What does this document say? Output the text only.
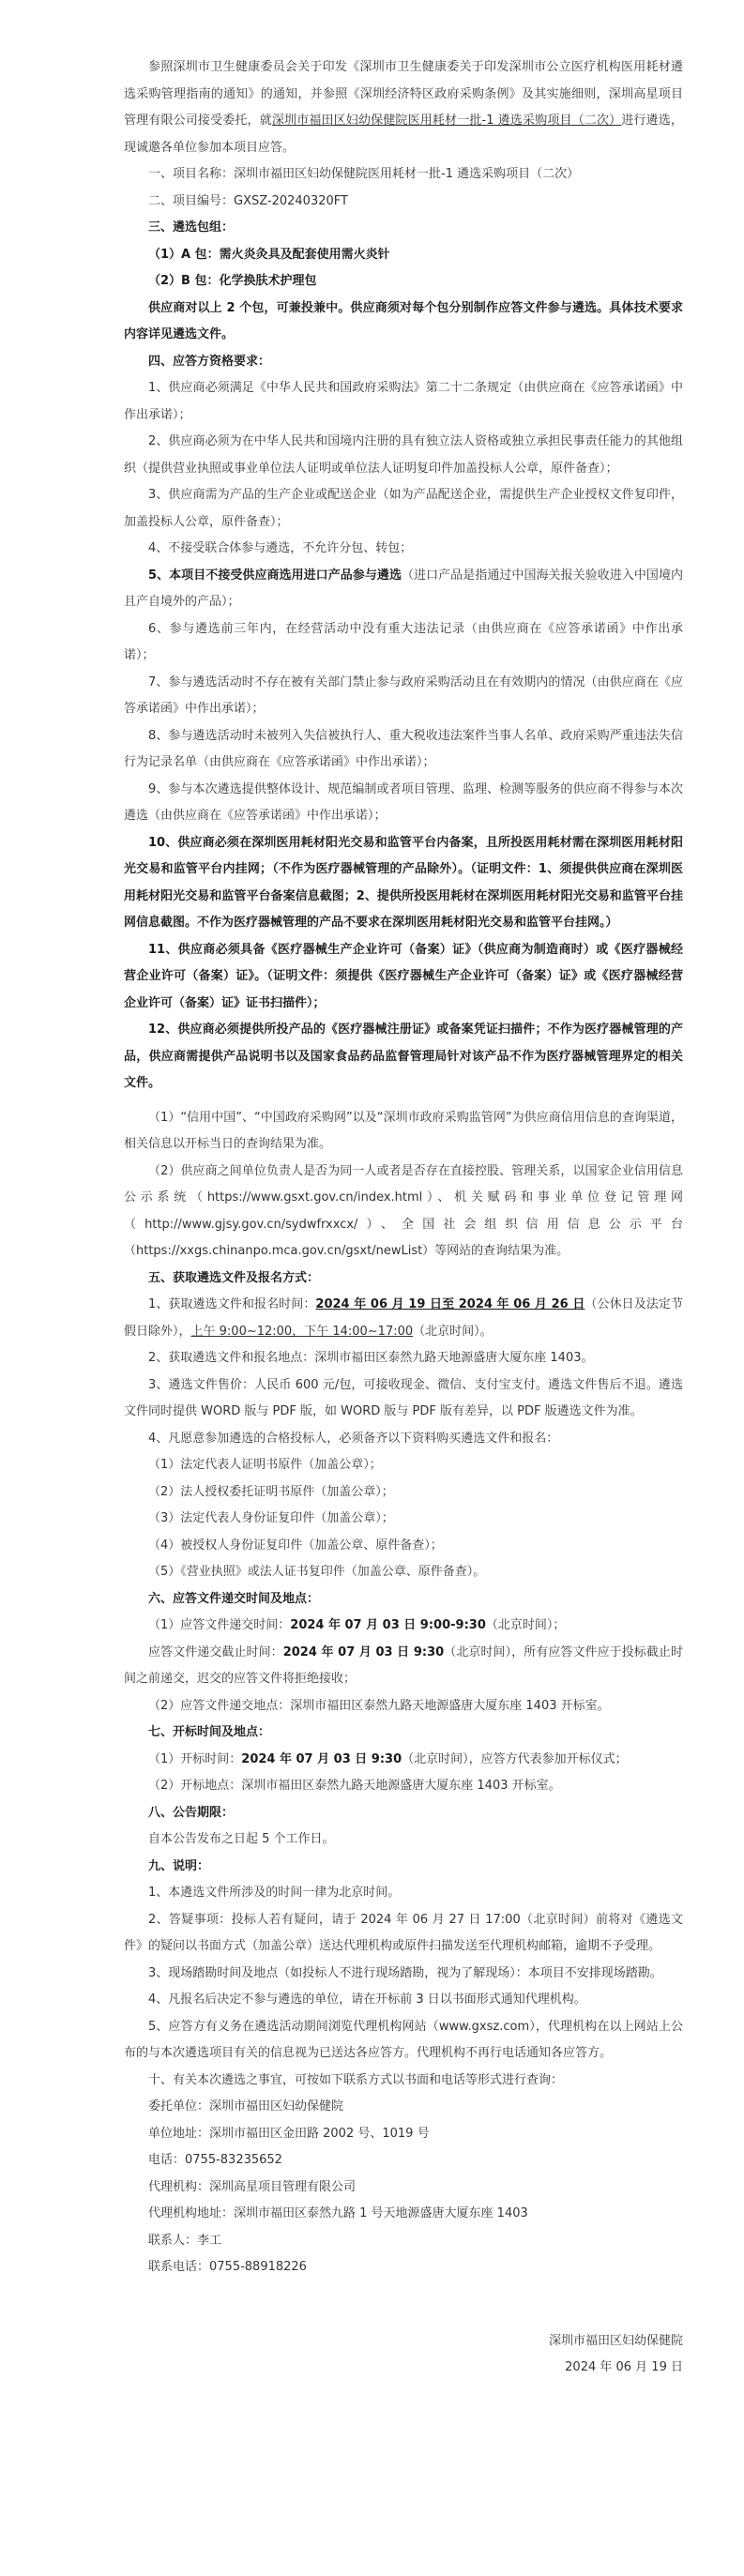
参照深圳市卫生健康委员会关于印发《深圳市卫生健康委关于印发深圳市公立医疗机构医用耗材遴选采购管理指南的通知》的通知，并参照《深圳经济特区政府采购条例》及其实施细则，深圳高星项目管理有限公司接受委托，就深圳市福田区妇幼保健院医用耗材一批-1 遴选采购项目（二次）进行遴选，现诚邀各单位参加本项目应答。

一、项目名称：深圳市福田区妇幼保健院医用耗材一批-1 遴选采购项目（二次）

二、项目编号：GXSZ-20240320FT

三、遴选包组：

（1）A 包：需火炎灸具及配套使用需火炎针

（2）B 包：化学换肤术护理包

供应商对以上 2 个包，可兼投兼中。供应商须对每个包分别制作应答文件参与遴选。具体技术要求内容详见遴选文件。

四、应答方资格要求：

1、供应商必须满足《中华人民共和国政府采购法》第二十二条规定（由供应商在《应答承诺函》中作出承诺）；

2、供应商必须为在中华人民共和国境内注册的具有独立法人资格或独立承担民事责任能力的其他组织（提供营业执照或事业单位法人证明或单位法人证明复印件加盖投标人公章，原件备查）；

3、供应商需为产品的生产企业或配送企业（如为产品配送企业，需提供生产企业授权文件复印件，加盖投标人公章，原件备查）；

4、不接受联合体参与遴选，不允许分包、转包；

5、本项目不接受供应商选用进口产品参与遴选（进口产品是指通过中国海关报关验收进入中国境内且产自境外的产品）；

6、参与遴选前三年内，在经营活动中没有重大违法记录（由供应商在《应答承诺函》中作出承诺）；

7、参与遴选活动时不存在被有关部门禁止参与政府采购活动且在有效期内的情况（由供应商在《应答承诺函》中作出承诺）；

8、参与遴选活动时未被列入失信被执行人、重大税收违法案件当事人名单、政府采购严重违法失信行为记录名单（由供应商在《应答承诺函》中作出承诺）；

9、参与本次遴选提供整体设计、规范编制或者项目管理、监理、检测等服务的供应商不得参与本次遴选（由供应商在《应答承诺函》中作出承诺）；

10、供应商必须在深圳医用耗材阳光交易和监管平台内备案，且所投医用耗材需在深圳医用耗材阳光交易和监管平台内挂网；（不作为医疗器械管理的产品除外）。（证明文件：1、须提供供应商在深圳医用耗材阳光交易和监管平台备案信息截图；2、提供所投医用耗材在深圳医用耗材阳光交易和监管平台挂网信息截图。不作为医疗器械管理的产品不要求在深圳医用耗材阳光交易和监管平台挂网。）

11、供应商必须具备《医疗器械生产企业许可（备案）证》（供应商为制造商时）或《医疗器械经营企业许可（备案）证》。（证明文件：须提供《医疗器械生产企业许可（备案）证》或《医疗器械经营企业许可（备案）证》证书扫描件）；

12、供应商必须提供所投产品的《医疗器械注册证》或备案凭证扫描件；不作为医疗器械管理的产品，供应商需提供产品说明书以及国家食品药品监督管理局针对该产品不作为医疗器械管理界定的相关文件。

（1）“信用中国”、“中国政府采购网”以及“深圳市政府采购监管网”为供应商信用信息的查询渠道，相关信息以开标当日的查询结果为准。

（2）供应商之间单位负责人是否为同一人或者是否存在直接控股、管理关系，以国家企业信用信息公示系统（https://www.gsxt.gov.cn/index.html）、机关赋码和事业单位登记管理网（http://www.gjsy.gov.cn/sydwfrxxcx/）、全国社会组织信用信息公示平台（https://xxgs.chinanpo.mca.gov.cn/gsxt/newList）等网站的查询结果为准。

五、获取遴选文件及报名方式：

1、获取遴选文件和报名时间：2024 年 06 月 19 日至 2024 年 06 月 26 日（公休日及法定节假日除外），上午 9:00~12:00，下午 14:00~17:00（北京时间）。

2、获取遴选文件和报名地点：深圳市福田区泰然九路天地源盛唐大厦东座 1403。

3、遴选文件售价：人民币 600 元/包，可接收现金、微信、支付宝支付。遴选文件售后不退。遴选文件同时提供 WORD 版与 PDF 版，如 WORD 版与 PDF 版有差异，以 PDF 版遴选文件为准。

4、凡愿意参加遴选的合格投标人，必须备齐以下资料购买遴选文件和报名：

（1）法定代表人证明书原件（加盖公章）；

（2）法人授权委托证明书原件（加盖公章）；

（3）法定代表人身份证复印件（加盖公章）；

（4）被授权人身份证复印件（加盖公章、原件备查）；

（5）《营业执照》或法人证书复印件（加盖公章、原件备查）。

六、应答文件递交时间及地点：

（1）应答文件递交时间：2024 年 07 月 03 日 9:00-9:30（北京时间）；

应答文件递交截止时间：2024 年 07 月 03 日 9:30（北京时间），所有应答文件应于投标截止时间之前递交，迟交的应答文件将拒绝接收；

（2）应答文件递交地点：深圳市福田区泰然九路天地源盛唐大厦东座 1403 开标室。

七、开标时间及地点：

（1）开标时间：2024 年 07 月 03 日 9:30（北京时间），应答方代表参加开标仪式；

（2）开标地点：深圳市福田区泰然九路天地源盛唐大厦东座 1403 开标室。

八、公告期限：

自本公告发布之日起 5 个工作日。

九、说明：

1、本遴选文件所涉及的时间一律为北京时间。

2、答疑事项：投标人若有疑问，请于 2024 年 06 月 27 日 17:00（北京时间）前将对《遴选文件》的疑问以书面方式（加盖公章）送达代理机构或原件扫描发送至代理机构邮箱，逾期不予受理。

3、现场踏勘时间及地点（如投标人不进行现场踏勘，视为了解现场）：本项目不安排现场踏勘。

4、凡报名后决定不参与遴选的单位，请在开标前 3 日以书面形式通知代理机构。

5、应答方有义务在遴选活动期间浏览代理机构网站（www.gxsz.com），代理机构在以上网站上公布的与本次遴选项目有关的信息视为已送达各应答方。代理机构不再行电话通知各应答方。

十、有关本次遴选之事宜，可按如下联系方式以书面和电话等形式进行查询：

委托单位：深圳市福田区妇幼保健院

单位地址：深圳市福田区金田路 2002 号、1019 号

电话：0755-83235652

代理机构：深圳高星项目管理有限公司

代理机构地址：深圳市福田区泰然九路 1 号天地源盛唐大厦东座 1403

联系人：李工

联系电话：0755-88918226

深圳市福田区妇幼保健院

2024 年 06 月 19 日
